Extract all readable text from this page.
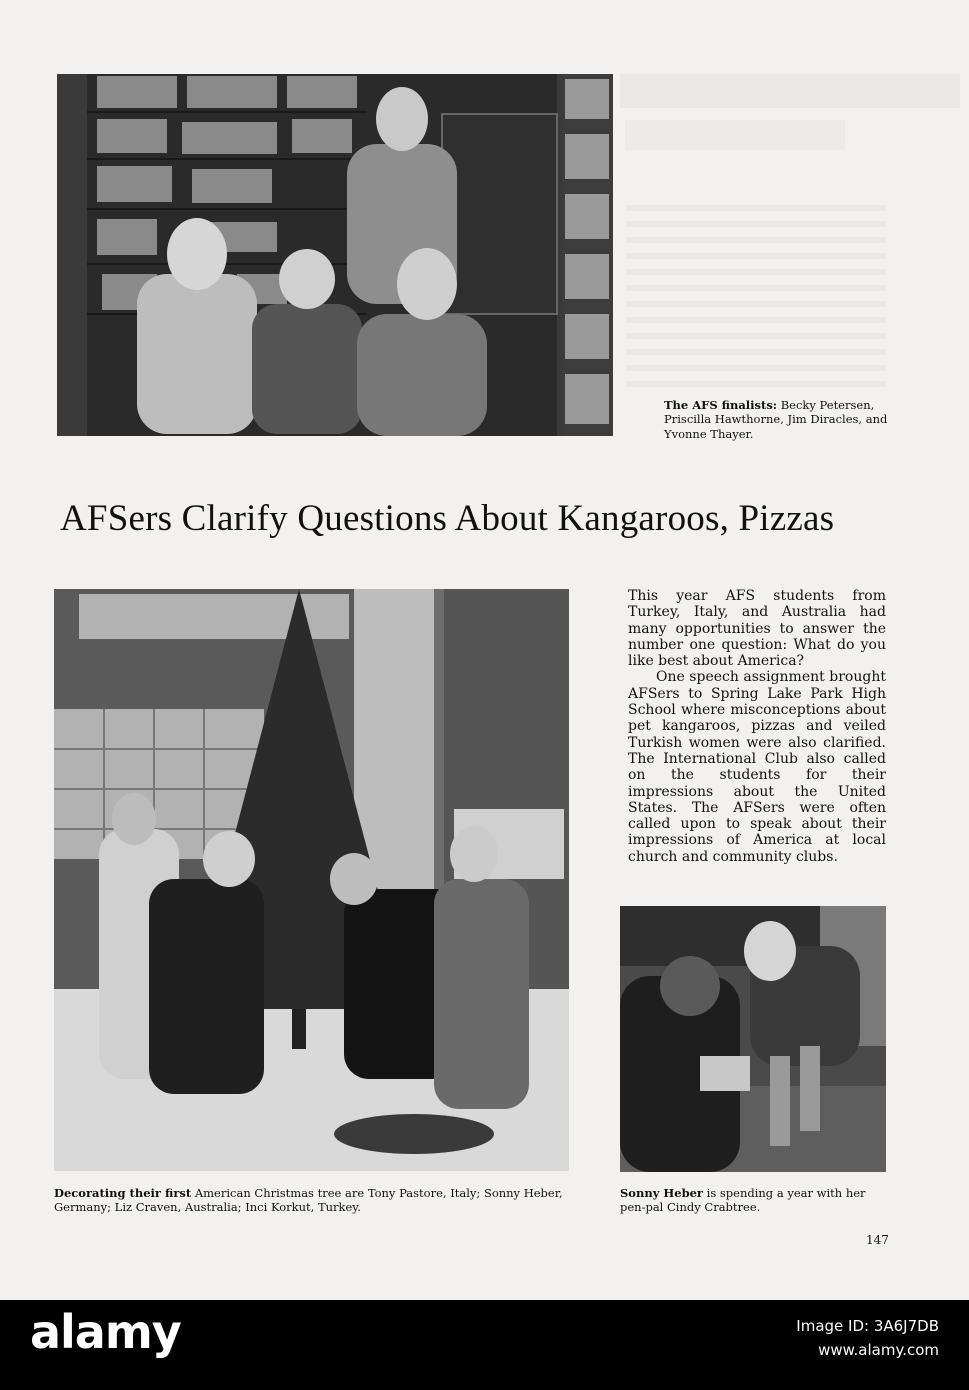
The AFS finalists: Becky Petersen, Priscilla Hawthorne, Jim Diracles, and Yvonne Thayer.
AFSers Clarify Questions About Kangaroos, Pizzas
Decorating their first American Christmas tree are Tony Pastore, Italy; Sonny Heber, Germany; Liz Craven, Australia; Inci Korkut, Turkey.
This year AFS students from Turkey, Italy, and Australia had many opportunities to answer the number one question: What do you like best about America?
One speech assignment brought AFSers to Spring Lake Park High School where misconceptions about pet kangaroos, pizzas and veiled Turkish women were also clarified. The International Club also called on the students for their impressions about the United States. The AFSers were often called upon to speak about their impressions of America at local church and community clubs.
Sonny Heber is spending a year with her pen-pal Cindy Crabtree.
147
alamy	Image ID: 3A6J7DB
www.alamy.com
